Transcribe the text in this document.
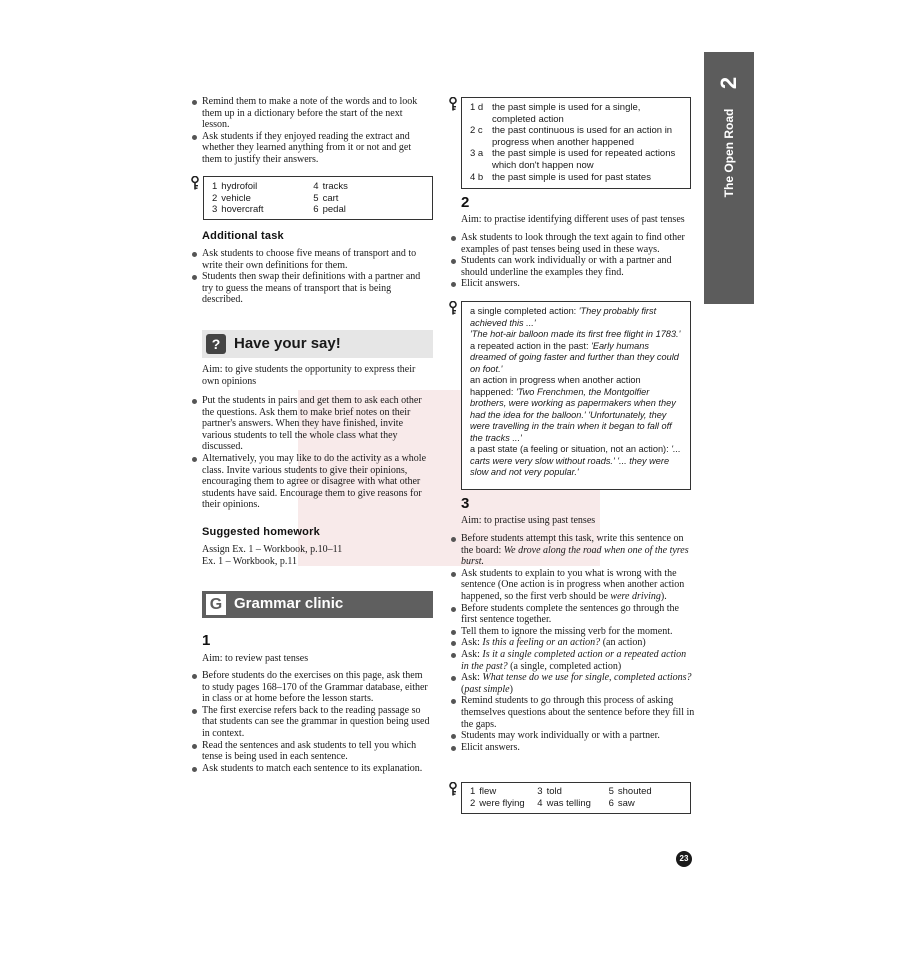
2
The Open Road
Remind them to make a note of the words and to look them up in a dictionary before the start of the next lesson.
Ask students if they enjoyed reading the extract and whether they learned anything from it or not and get them to justify their answers.
1	hydrofoil	4	tracks
2	vehicle	5	cart
3	hovercraft	6	pedal
Additional task
Ask students to choose five means of transport and to write their own definitions for them.
Students then swap their definitions with a partner and try to guess the means of transport that is being described.
? Have your say!
Aim: to give students the opportunity to express their own opinions
Put the students in pairs and get them to ask each other the questions. Ask them to make brief notes on their partner's answers. When they have finished, invite various students to tell the whole class what they discussed.
Alternatively, you may like to do the activity as a whole class. Invite various students to give their opinions, encouraging them to agree or disagree with what other students have said. Encourage them to give reasons for their opinions.
Suggested homework
Assign Ex. 1 – Workbook, p.10–11
Ex. 1 – Workbook, p.11
G Grammar clinic
1
Aim: to review past tenses
Before students do the exercises on this page, ask them to study pages 168–170 of the Grammar database, either in class or at home before the lesson starts.
The first exercise refers back to the reading passage so that students can see the grammar in question being used in context.
Read the sentences and ask students to tell you which tense is being used in each sentence.
Ask students to match each sentence to its explanation.
1 d	the past simple is used for a single, completed action
2 c	the past continuous is used for an action in progress when another happened
3 a	the past simple is used for repeated actions which don't happen now
4 b	the past simple is used for past states
2
Aim: to practise identifying different uses of past tenses
Ask students to look through the text again to find other examples of past tenses being used in these ways.
Students can work individually or with a partner and should underline the examples they find.
Elicit answers.
a single completed action: 'They probably first achieved this ...'
'The hot-air balloon made its first free flight in 1783.'
a repeated action in the past: 'Early humans dreamed of going faster and further than they could on foot.'
an action in progress when another action happened: 'Two Frenchmen, the Montgolfier brothers, were working as papermakers when they had the idea for the balloon.' 'Unfortunately, they were travelling in the train when it began to fall off the tracks ...'
a past state (a feeling or situation, not an action): '... carts were very slow without roads.' '... they were slow and not very popular.'
3
Aim: to practise using past tenses
Before students attempt this task, write this sentence on the board: We drove along the road when one of the tyres burst.
Ask students to explain to you what is wrong with the sentence (One action is in progress when another action happened, so the first verb should be were driving).
Before students complete the sentences go through the first sentence together.
Tell them to ignore the missing verb for the moment.
Ask: Is this a feeling or an action? (an action)
Ask: Is it a single completed action or a repeated action in the past? (a single, completed action)
Ask: What tense do we use for single, completed actions? (past simple)
Remind students to go through this process of asking themselves questions about the sentence before they fill in the gaps.
Students may work individually or with a partner.
Elicit answers.
1	flew	3	told	5	shouted
2	were flying	4	was telling	6	saw
23
